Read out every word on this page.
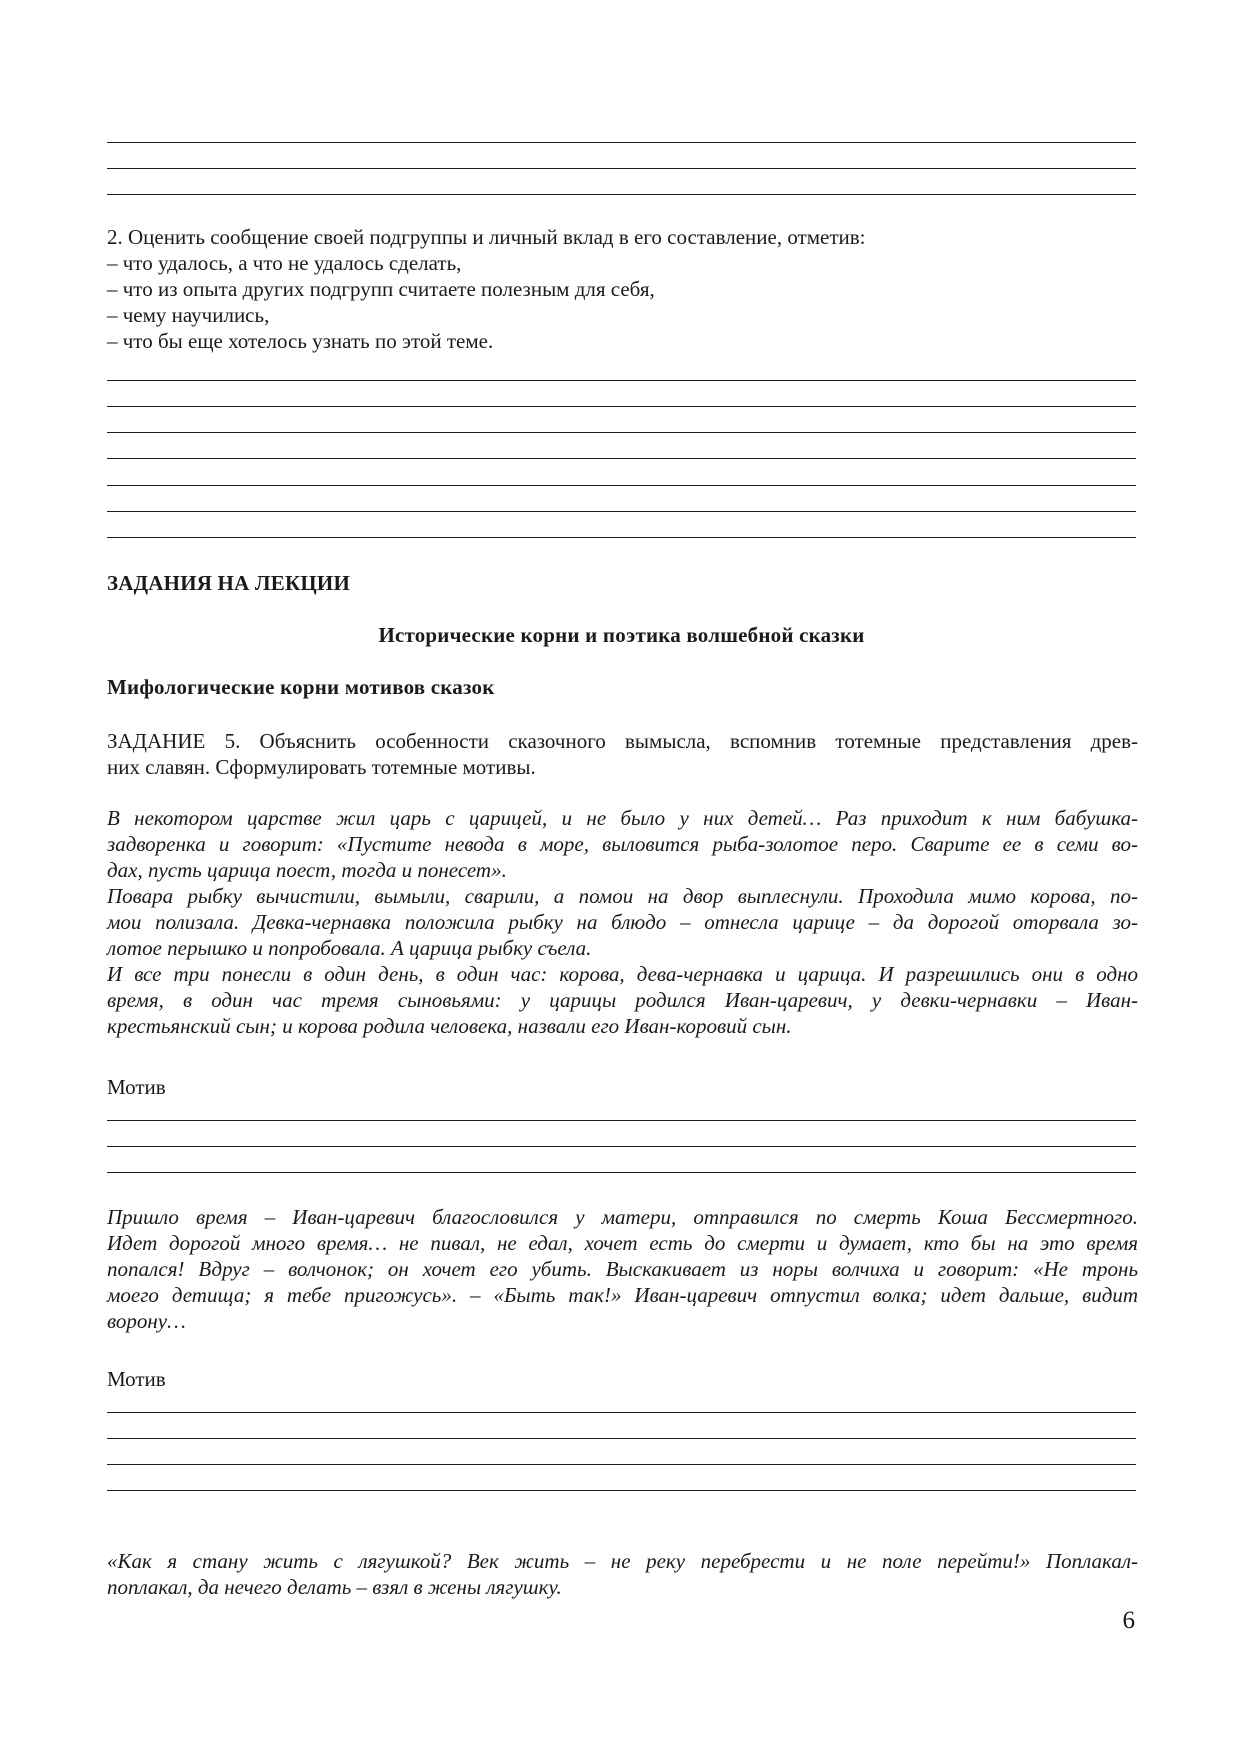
2. Оценить сообщение своей подгруппы и личный вклад в его составление, отметив:
– что удалось, а что не удалось сделать,
– что из опыта других подгрупп считаете полезным для себя,
– чему научились,
– что бы еще хотелось узнать по этой теме.
ЗАДАНИЯ НА ЛЕКЦИИ
Исторические корни и поэтика волшебной сказки
Мифологические корни мотивов сказок
ЗАДАНИЕ 5. Объяснить особенности сказочного вымысла, вспомнив тотемные представления древ-
них славян. Сформулировать тотемные мотивы.
В некотором царстве жил царь с царицей, и не было у них детей… Раз приходит к ним бабушка-
задворенка и говорит: «Пустите невода в море, выловится рыба-золотое перо. Сварите ее в семи во-
дах, пусть царица поест, тогда и понесет».
Повара рыбку вычистили, вымыли, сварили, а помои на двор выплеснули. Проходила мимо корова, по-
мои полизала. Девка-чернавка положила рыбку на блюдо – отнесла царице – да дорогой оторвала зо-
лотое перышко и попробовала. А царица рыбку съела.
И все три понесли в один день, в один час: корова, дева-чернавка и царица. И разрешились они в одно
время, в один час тремя сыновьями: у царицы родился Иван-царевич, у девки-чернавки – Иван-
крестьянский сын; и корова родила человека, назвали его Иван-коровий сын.
Мотив
Пришло время – Иван-царевич благословился у матери, отправился по смерть Коша Бессмертного.
Идет дорогой много время… не пивал, не едал, хочет есть до смерти и думает, кто бы на это время
попался! Вдруг – волчонок; он хочет его убить. Выскакивает из норы волчиха и говорит: «Не тронь
моего детища; я тебе пригожусь». – «Быть так!» Иван-царевич отпустил волка; идет дальше, видит
ворону…
Мотив
«Как я стану жить с лягушкой? Век жить – не реку перебрести и не поле перейти!» Поплакал-
поплакал, да нечего делать – взял в жены лягушку.
6
